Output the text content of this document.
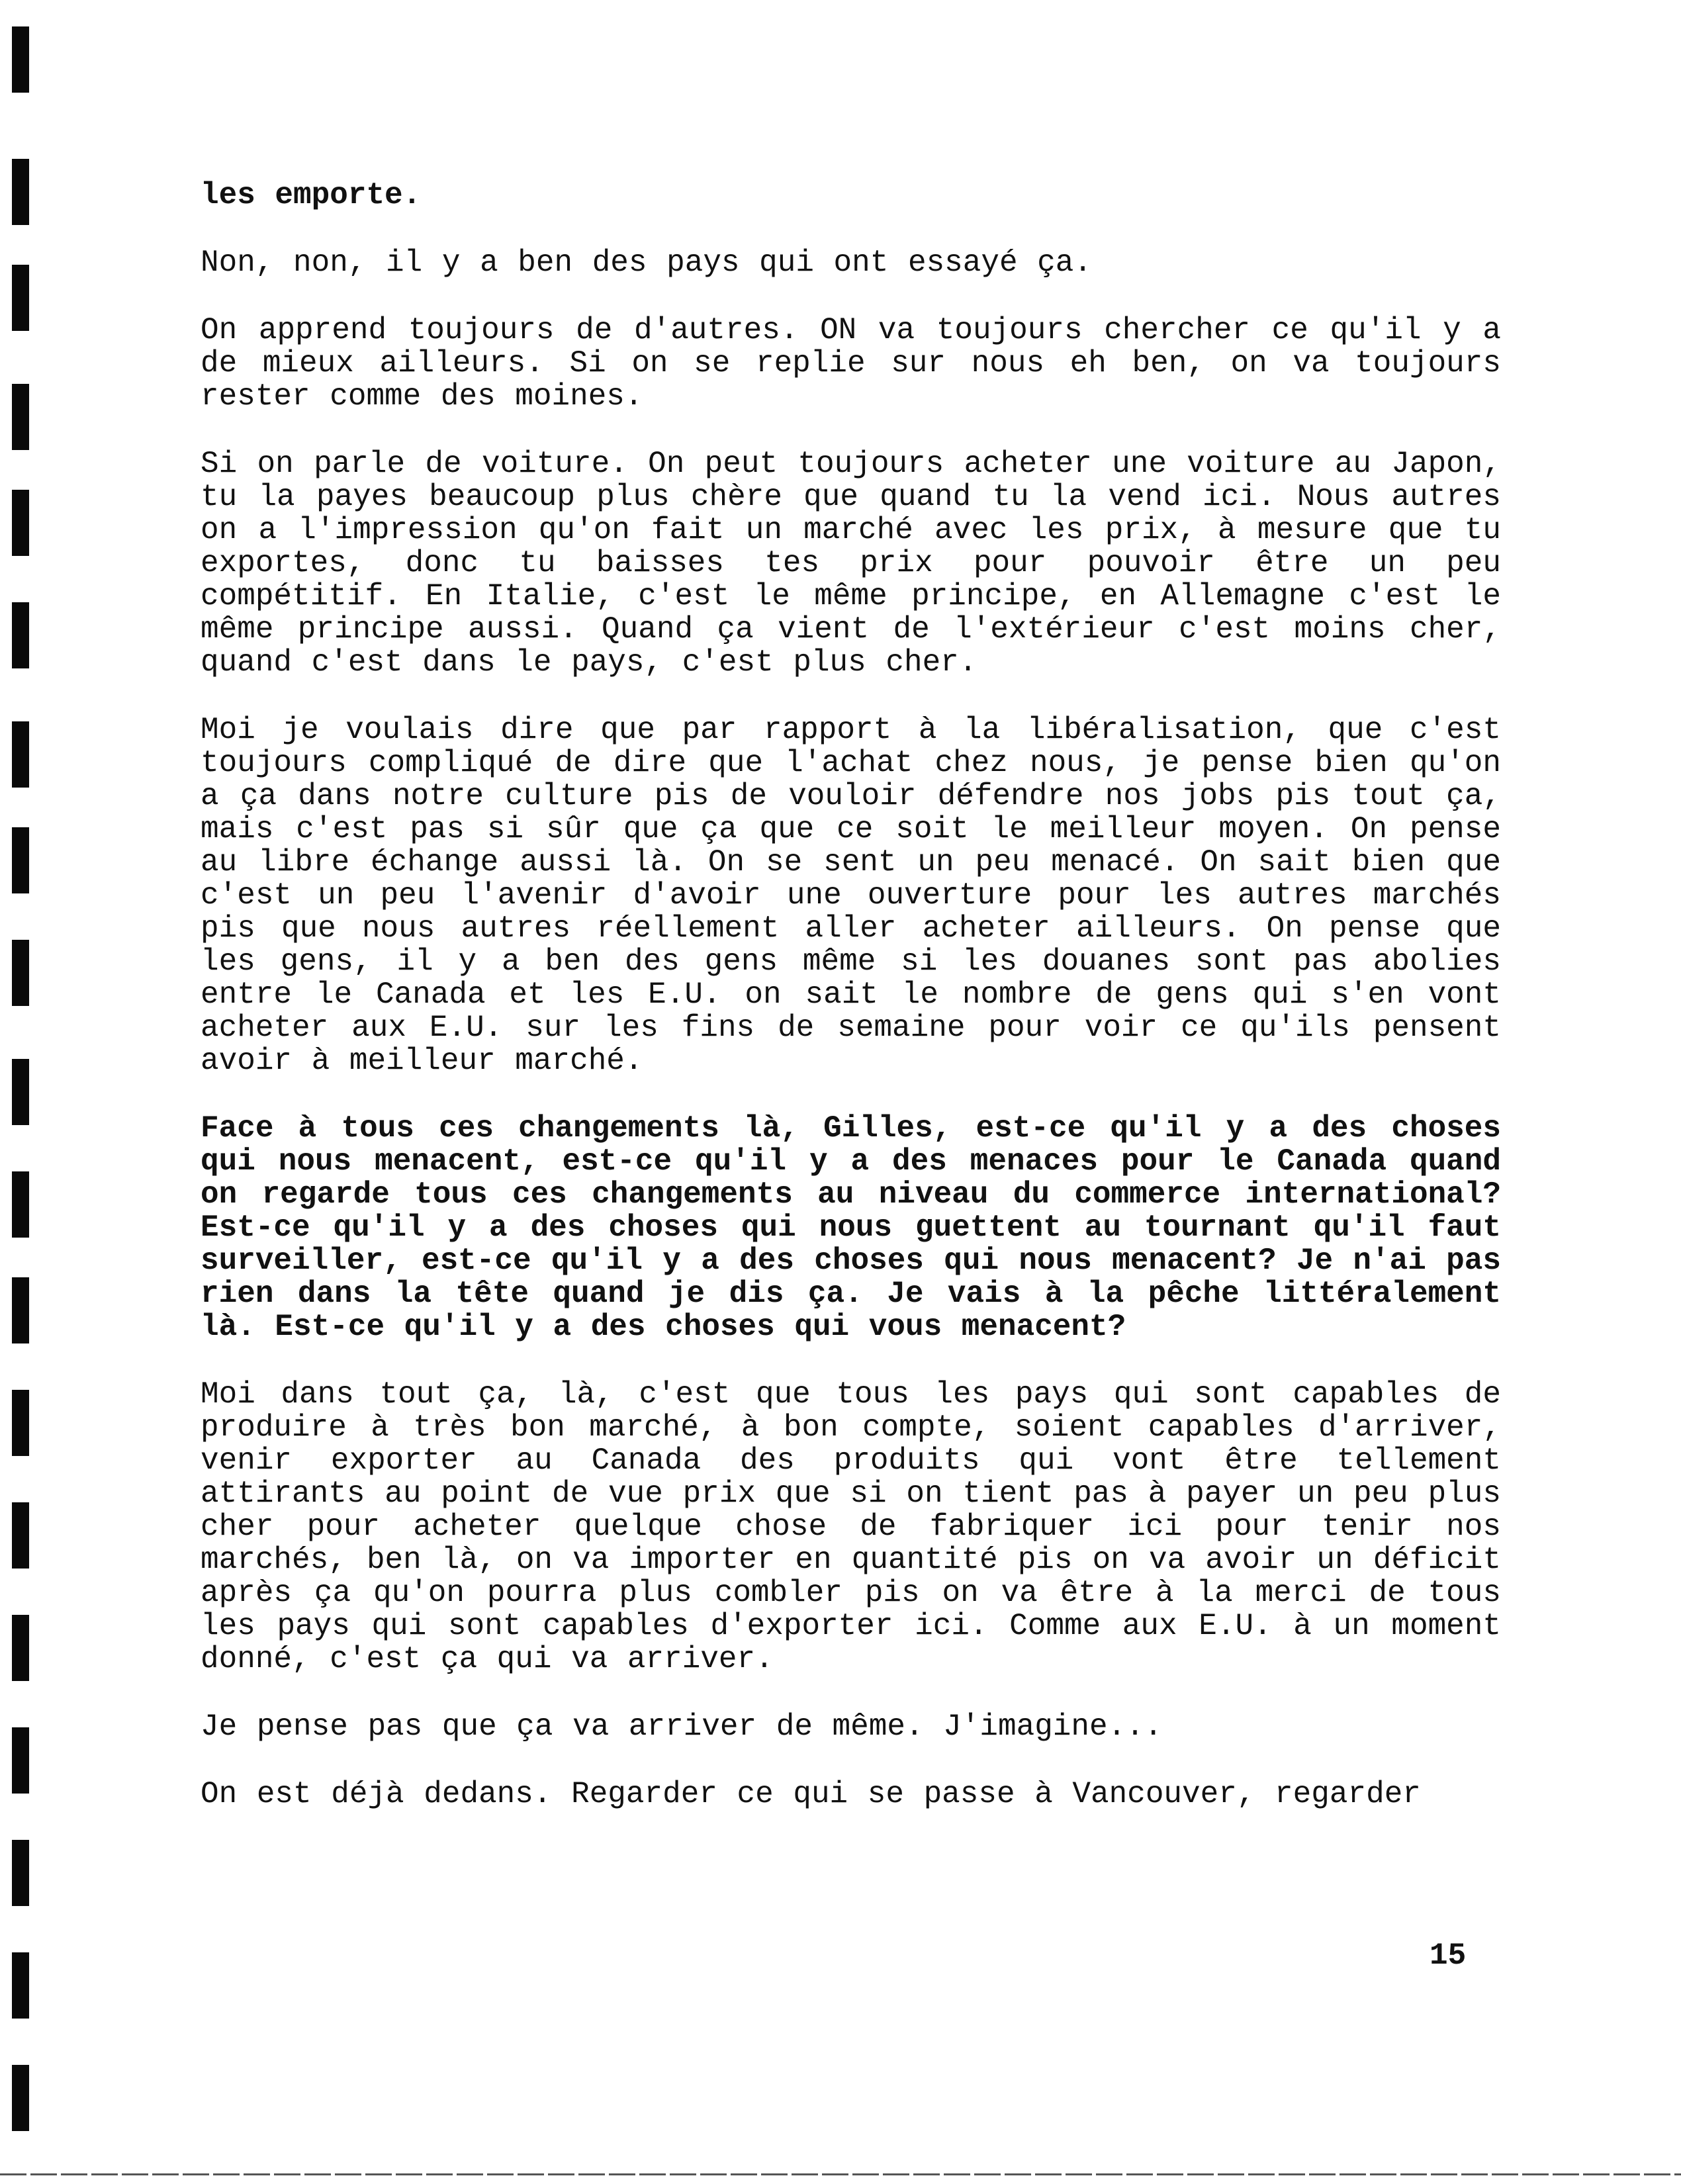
les emporte.

Non, non, il y a ben des pays qui ont essayé ça.

On apprend toujours de d'autres. ON va toujours chercher ce qu'il y a de mieux ailleurs. Si on se replie sur nous eh ben, on va toujours rester comme des moines.

Si on parle de voiture. On peut toujours acheter une voiture au Japon, tu la payes beaucoup plus chère que quand tu la vend ici. Nous autres on a l'impression qu'on fait un marché avec les prix, à mesure que tu exportes, donc tu baisses tes prix pour pouvoir être un peu compétitif. En Italie, c'est le même principe, en Allemagne c'est le même principe aussi. Quand ça vient de l'extérieur c'est moins cher, quand c'est dans le pays, c'est plus cher.

Moi je voulais dire que par rapport à la libéralisation, que c'est toujours compliqué de dire que l'achat chez nous, je pense bien qu'on a ça dans notre culture pis de vouloir défendre nos jobs pis tout ça, mais c'est pas si sûr que ça que ce soit le meilleur moyen. On pense au libre échange aussi là. On se sent un peu menacé. On sait bien que c'est un peu l'avenir d'avoir une ouverture pour les autres marchés pis que nous autres réellement aller acheter ailleurs. On pense que les gens, il y a ben des gens même si les douanes sont pas abolies entre le Canada et les E.U. on sait le nombre de gens qui s'en vont acheter aux E.U. sur les fins de semaine pour voir ce qu'ils pensent avoir à meilleur marché.

Face à tous ces changements là, Gilles, est-ce qu'il y a des choses qui nous menacent, est-ce qu'il y a des menaces pour le Canada quand on regarde tous ces changements au niveau du commerce international? Est-ce qu'il y a des choses qui nous guettent au tournant qu'il faut surveiller, est-ce qu'il y a des choses qui nous menacent? Je n'ai pas rien dans la tête quand je dis ça. Je vais à la pêche littéralement là. Est-ce qu'il y a des choses qui vous menacent?

Moi dans tout ça, là, c'est que tous les pays qui sont capables de produire à très bon marché, à bon compte, soient capables d'arriver, venir exporter au Canada des produits qui vont être tellement attirants au point de vue prix que si on tient pas à payer un peu plus cher pour acheter quelque chose de fabriquer ici pour tenir nos marchés, ben là, on va importer en quantité pis on va avoir un déficit après ça qu'on pourra plus combler pis on va être à la merci de tous les pays qui sont capables d'exporter ici. Comme aux E.U. à un moment donné, c'est ça qui va arriver.

Je pense pas que ça va arriver de même. J'imagine...

On est déjà dedans. Regarder ce qui se passe à Vancouver, regarder

15
